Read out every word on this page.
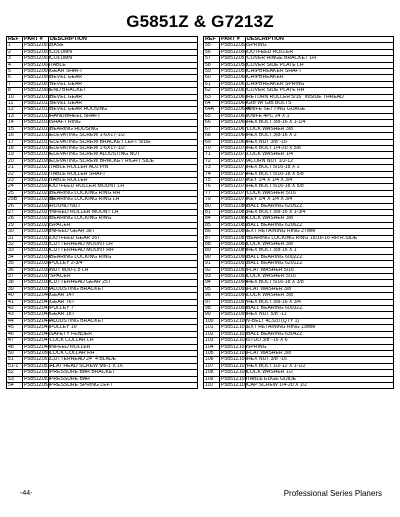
G5851Z & G7213Z
REF	PART #	DESCRIPTION
1	P5851Z001	BASE
2	P5851Z002	COLUMN
3	P5851Z003	COLUMN
4	P5851Z004	TABLE
5	P5851Z005	GEAR SHAFT
6	P5851Z006	BEVEL GEAR
7	P5851Z007	BEVEL GEAR
8	P5851Z008	END BRACKET
10	P5851Z010	BEVEL GEAR
11	P5851Z011	BEVEL GEAR
12	P5851Z012	BEVEL GEAR HOUSING
13	P5851Z013	HANDWHEEL SHAFT
14	P5851Z014	SHAFT RING
15	P5851Z015	BEARING HOUSING
16	P5851Z016	ELEVATING SCREW 1-6X17-1/2"
17	P5851Z017	ELEVATING SCREW BRACKET LEFT SIDE
18	P5851Z018	ELEVATING SCREW 1-6X17-1/2"
19	P5851Z019	ELEVATING SCREW ADJUSTING NUT
20	P5851Z020	ELEVATING SCREW BRACKET RIGHT SIDE
21	P5851Z021	TABLE ROLLER ADJ PIN
22	P5851Z022	TABLE ROLLER SHAFT
23	P5851Z023	TABLE ROLLER
24	P5851Z024	OUTFEED ROLLER MOUNT LH
25	P5851Z025	BEARING LOCKING RING RH
25B	P5851Z025B	BEARING LOCKING RING LH
26	P5851Z026	ROUND NUT
27	P5851Z027	INFEED ROLLER MOUNT LH
28	P5851Z028	BEARING LOCKING RING
29	P5851Z029	SPACER
30	P5851Z030	INFEED GEAR 38T
31	P5851Z031	OUTFEED GEAR 26T
32	P5851Z032	CUTTERHEAD MOUNT LH
33	P5851Z033	CUTTERHEAD MOUNT RH
34	P5851Z034	BEARING LOCKING RING
35	P5851Z035	PULLEY 2-3/4"
36	P5851Z036	NUT M30-1.5 LH
37	P5851Z037	SPACER
38	P5851Z038	CUTTERHEAD GEAR 25T
39	P5851Z039	ADJUSTING BRACKET
40	P5851Z040	GEAR 14T
41	P5851Z041	GEAR 76T
42	P5851Z042	PULLEY 7"
43	P5851Z043	GEAR 18T
44	P5851Z044	ADJUSTING BRACKET
45	P5851Z045	PULLEY 10"
46	P5851Z046	SAFETY FENDER
47	P5851Z047	LOCK COLLAR LH
48	P5851Z048	INFEED ROLLER
50	P5851Z050	LOCK COLLAR RH
51	P5851Z051	CUTTERHEAD 24" 4 BLADE
51-1	P5851Z051-1	FLAT HEAD SCREW M6-1 X 16
52	P5851Z052	PRESSURE BAR BRACKET
53	P5851Z053	PRESSURE BAR
54	P5851Z054	PRESSURE SPRING LEFT
REF	PART #	DESCRIPTION
55	P5851Z055	SPRING
56	P5851Z056	OUTFEED ROLLER
57	P5851Z057	COVER HINGE BRACKET LH
58	P5851Z058	COVER SIDE PLATE LH
59	P5851Z059	CHIPBREAKER SHAFT
60	P5851Z060	CHIPBREAKER
61	P5851Z061	CHIPBREAKER SPRING
62	P5851Z062	COVER SIDE PLATE RH
63	P5851Z063	RETURN ROLLER 5/16" INSIDE THREAD
64	P5851Z064	GIB W/ GIB BOLTS
64A	P5851Z064A	KNIFE SETTING GUAGE
65	P5851Z065	KNIFE 4PC 24 X 1"
66	P5851Z066	HEX BOLT 3/8-16 X 1-1/4
67	P5851Z067	LOCK WASHER 3/8
68	P5851Z068	HEX BOLT 3/8-16 X 2
69	P5851Z069	HEX NUT 3/8"-16
70	P5851Z070	HEX BOLT 1/4-20 X 5/8
71	P5851Z071	LOCK WASHER 1/4
72	P5851Z072	ACORN NUT 1/2-12
73	P5851Z073	HEX BOLT 5/16-18 X 1
74	P5851Z074	HEX BOLT 5/16-18 X 5/8
75	P5851Z075	KEY 1/4 X 1/4 X 3/4
76	P5851Z076	HEX BOLT 5/16-18 X 5/8
77	P5851Z077	LOCK WASHER 5/16
79	P5851Z079	KEY 1/4 X 1/4 X 3/4
80	P5851Z080	BALL BEARING 6205ZZ
81	P5851Z081	HEX BOLT 3/8-16 X 1-3/4
84	P5851Z084	LOCK WASHER 3/8
85	P5851Z085	BALL BEARING 6206ZZ
86	P5851Z086	EXT RETAINING RING 27MM
87	P5851Z087	BEARING LOCKING RING 15/16-16 RH R.SIDE
88	P5851Z088	LOCK WASHER 3/8
89	P5851Z089	HEX BOLT 3/8-16 X 1
90	P5851Z090	BALL BEARING 6002ZZ
91	P5851Z091	BALL BEARING 6201ZZ
92	P5851Z092	FLAT WASHER 5/16
93	P5851Z093	LOCK WASHER 5/16
94	P5851Z094	HEX BOLT 5/16-18 X 3/8
95	P5851Z095	FLAT WASHER 3/8
96	P5851Z096	LOCK WASHER 3/8
97	P5851Z097	HEX BOLT 3/8-16 X 3/4
98	P5851Z098	BALL BEARING 6003ZZ
99	P5851Z099	HEX NUT 5/8"-11
100	P5851Z100	V-BELT 4L320 (QTY 1)
101	P5851Z101	EXT RETAINING RING 19MM
102	P5851Z102	BALL BEARING 6304ZZ
103	P5851Z103	STUD 3/8"-16 X 6"
104	P5851Z104	SPRING
105	P5851Z105	FLAT WASHER 3/8
106	P5851Z106	HEX NUT 3/8"-16
107	P5851Z107	HEX BOLT 1/2-12 X 1-1/2
108	P5851Z108	LOCK WASHER 1/2
109	P5851Z109	TABLE EDGE GUIDE
110	P5851Z110	CAP SCREW 1/4-20 X 1/2
-44-	Professional Series Planers
